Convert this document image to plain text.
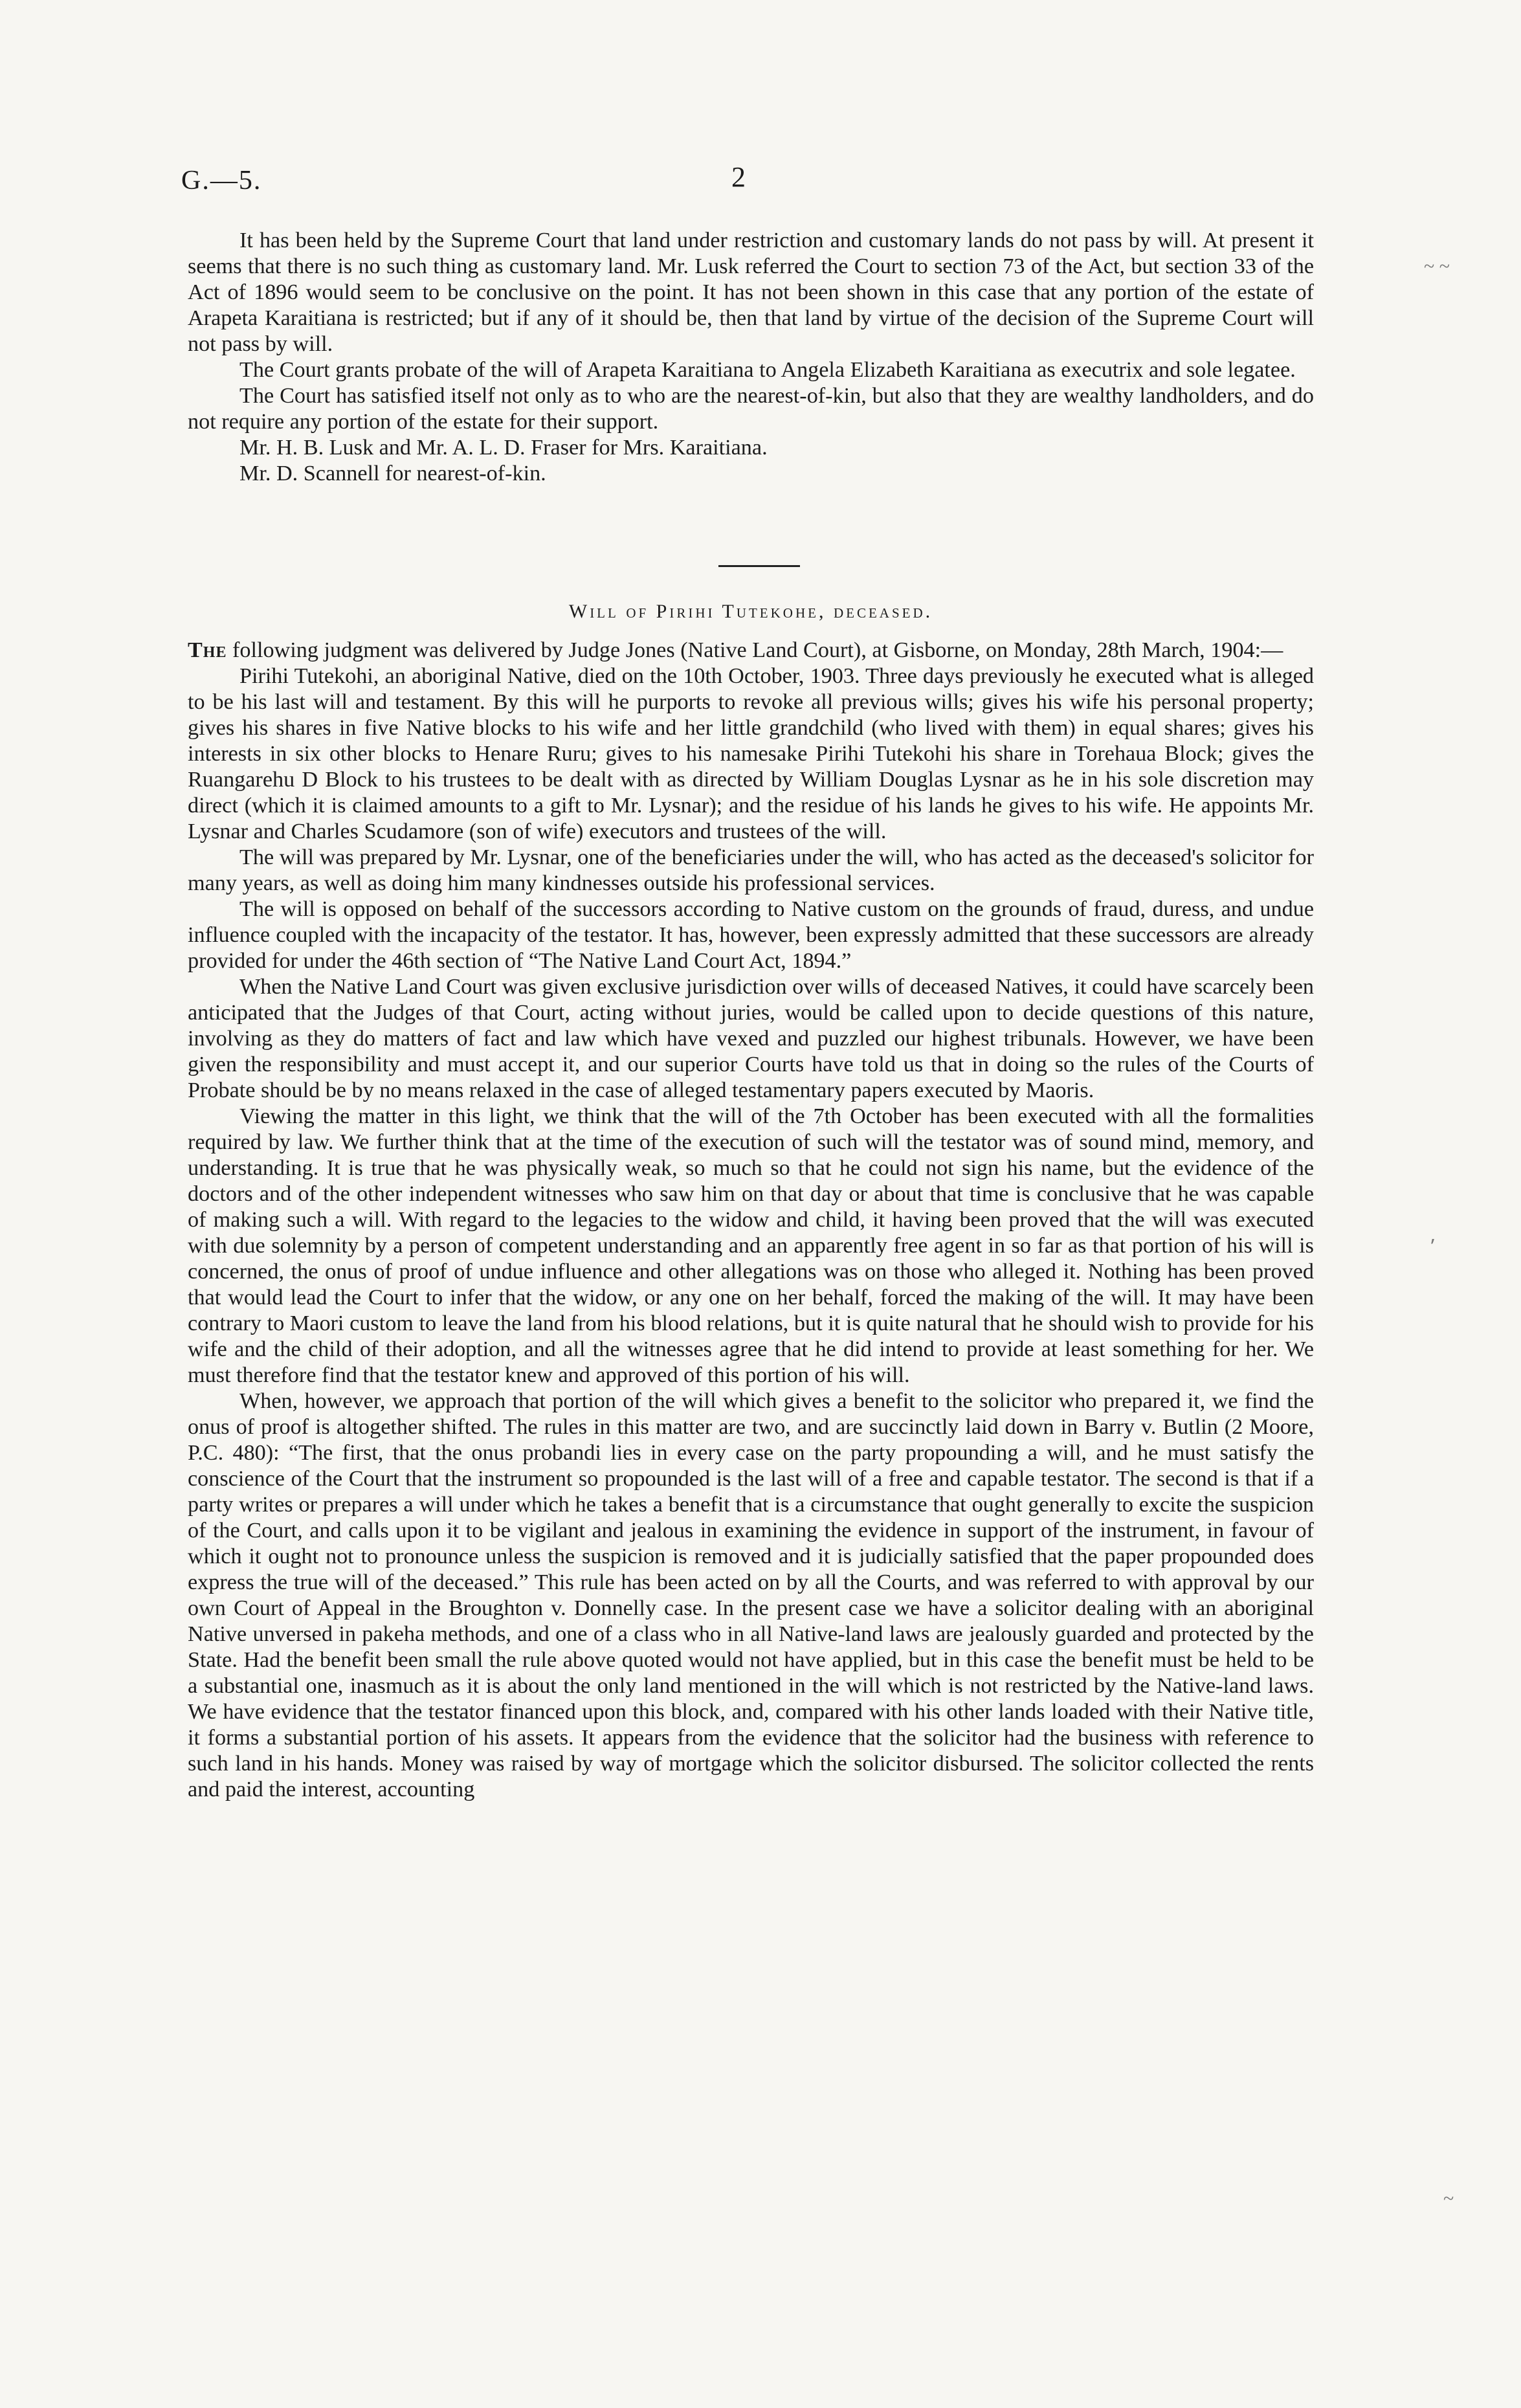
G.—5.	2

It has been held by the Supreme Court that land under restriction and customary lands do not pass by will. At present it seems that there is no such thing as customary land. Mr. Lusk referred the Court to section 73 of the Act, but section 33 of the Act of 1896 would seem to be conclusive on the point. It has not been shown in this case that any portion of the estate of Arapeta Karaitiana is restricted; but if any of it should be, then that land by virtue of the decision of the Supreme Court will not pass by will.

The Court grants probate of the will of Arapeta Karaitiana to Angela Elizabeth Karaitiana as executrix and sole legatee.

The Court has satisfied itself not only as to who are the nearest-of-kin, but also that they are wealthy landholders, and do not require any portion of the estate for their support.

Mr. H. B. Lusk and Mr. A. L. D. Fraser for Mrs. Karaitiana.

Mr. D. Scannell for nearest-of-kin.

Will of Pirihi Tutekohe, deceased.

The following judgment was delivered by Judge Jones (Native Land Court), at Gisborne, on Monday, 28th March, 1904:—

Pirihi Tutekohi, an aboriginal Native, died on the 10th October, 1903. Three days previously he executed what is alleged to be his last will and testament. By this will he purports to revoke all previous wills; gives his wife his personal property; gives his shares in five Native blocks to his wife and her little grandchild (who lived with them) in equal shares; gives his interests in six other blocks to Henare Ruru; gives to his namesake Pirihi Tutekohi his share in Torehaua Block; gives the Ruangarehu D Block to his trustees to be dealt with as directed by William Douglas Lysnar as he in his sole discretion may direct (which it is claimed amounts to a gift to Mr. Lysnar); and the residue of his lands he gives to his wife. He appoints Mr. Lysnar and Charles Scudamore (son of wife) executors and trustees of the will.

The will was prepared by Mr. Lysnar, one of the beneficiaries under the will, who has acted as the deceased's solicitor for many years, as well as doing him many kindnesses outside his professional services.

The will is opposed on behalf of the successors according to Native custom on the grounds of fraud, duress, and undue influence coupled with the incapacity of the testator. It has, however, been expressly admitted that these successors are already provided for under the 46th section of “The Native Land Court Act, 1894.”

When the Native Land Court was given exclusive jurisdiction over wills of deceased Natives, it could have scarcely been anticipated that the Judges of that Court, acting without juries, would be called upon to decide questions of this nature, involving as they do matters of fact and law which have vexed and puzzled our highest tribunals. However, we have been given the responsibility and must accept it, and our superior Courts have told us that in doing so the rules of the Courts of Probate should be by no means relaxed in the case of alleged testamentary papers executed by Maoris.

Viewing the matter in this light, we think that the will of the 7th October has been executed with all the formalities required by law. We further think that at the time of the execution of such will the testator was of sound mind, memory, and understanding. It is true that he was physically weak, so much so that he could not sign his name, but the evidence of the doctors and of the other independent witnesses who saw him on that day or about that time is conclusive that he was capable of making such a will. With regard to the legacies to the widow and child, it having been proved that the will was executed with due solemnity by a person of competent understanding and an apparently free agent in so far as that portion of his will is concerned, the onus of proof of undue influence and other allegations was on those who alleged it. Nothing has been proved that would lead the Court to infer that the widow, or any one on her behalf, forced the making of the will. It may have been contrary to Maori custom to leave the land from his blood relations, but it is quite natural that he should wish to provide for his wife and the child of their adoption, and all the witnesses agree that he did intend to provide at least something for her. We must therefore find that the testator knew and approved of this portion of his will.

When, however, we approach that portion of the will which gives a benefit to the solicitor who prepared it, we find the onus of proof is altogether shifted. The rules in this matter are two, and are succinctly laid down in Barry v. Butlin (2 Moore, P.C. 480): “The first, that the onus probandi lies in every case on the party propounding a will, and he must satisfy the conscience of the Court that the instrument so propounded is the last will of a free and capable testator. The second is that if a party writes or prepares a will under which he takes a benefit that is a circumstance that ought generally to excite the suspicion of the Court, and calls upon it to be vigilant and jealous in examining the evidence in support of the instrument, in favour of which it ought not to pronounce unless the suspicion is removed and it is judicially satisfied that the paper propounded does express the true will of the deceased.” This rule has been acted on by all the Courts, and was referred to with approval by our own Court of Appeal in the Broughton v. Donnelly case. In the present case we have a solicitor dealing with an aboriginal Native unversed in pakeha methods, and one of a class who in all Native-land laws are jealously guarded and protected by the State. Had the benefit been small the rule above quoted would not have applied, but in this case the benefit must be held to be a substantial one, inasmuch as it is about the only land mentioned in the will which is not restricted by the Native-land laws. We have evidence that the testator financed upon this block, and, compared with his other lands loaded with their Native title, it forms a substantial portion of his assets. It appears from the evidence that the solicitor had the business with reference to such land in his hands. Money was raised by way of mortgage which the solicitor disbursed. The solicitor collected the rents and paid the interest, accounting

~ ~
⸴
~
